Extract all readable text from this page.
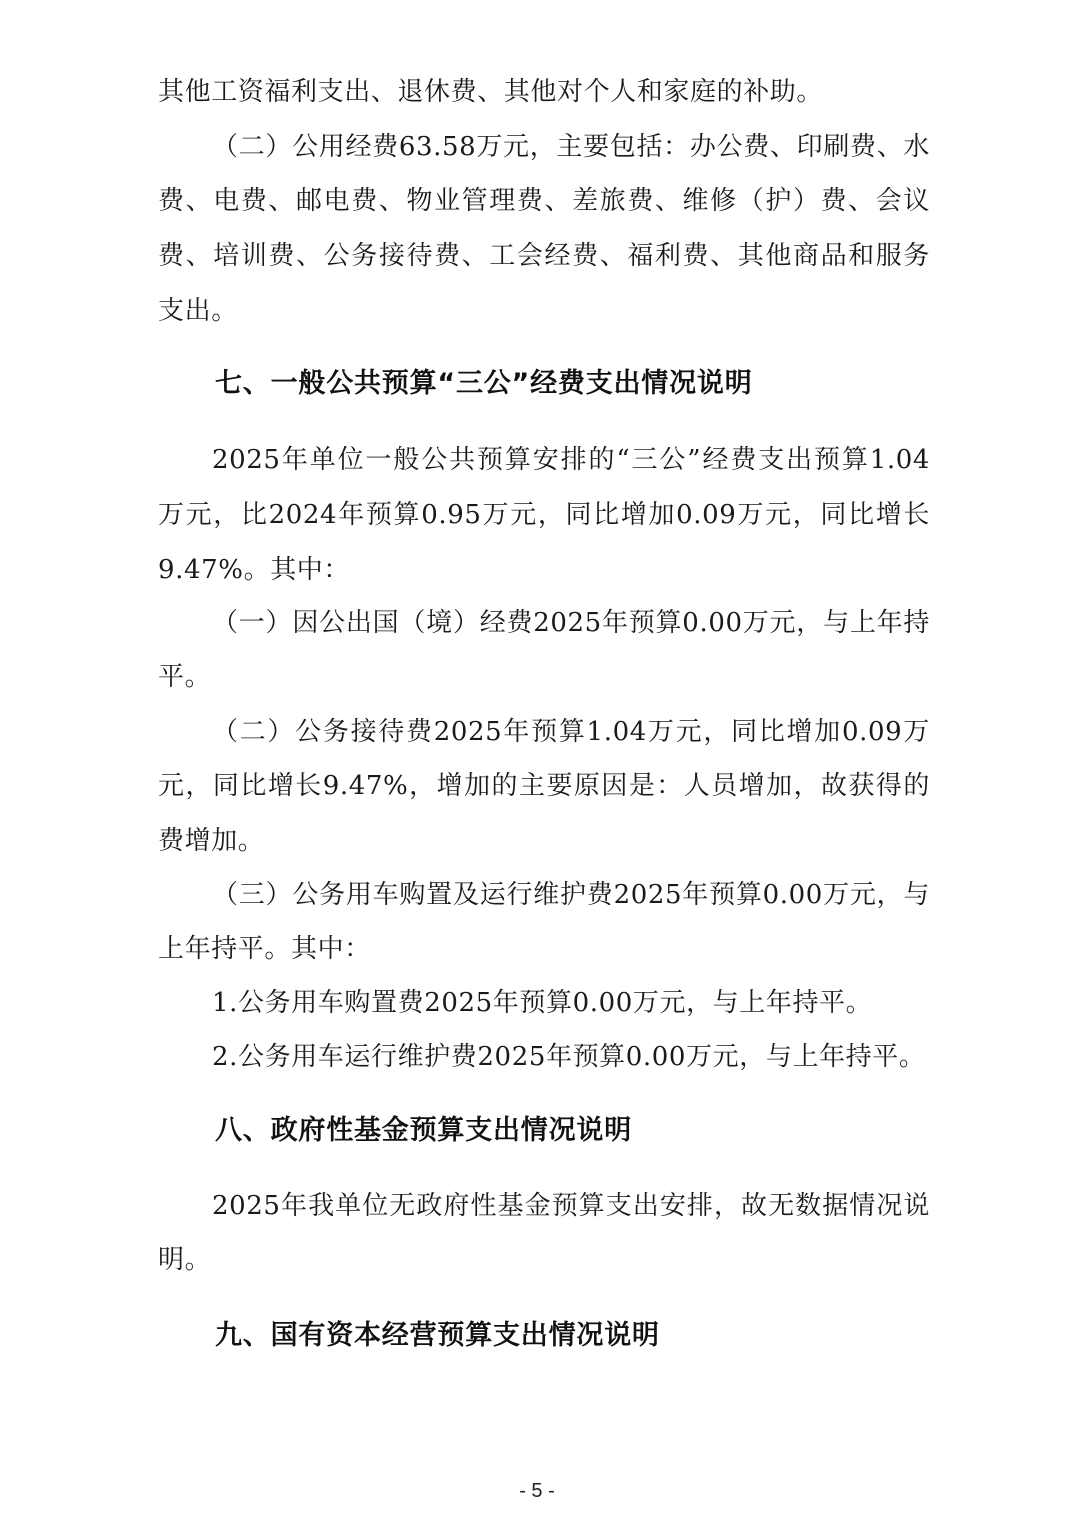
其他工资福利支出、退休费、其他对个人和家庭的补助。
（二）公用经费63.58万元，主要包括：办公费、印刷费、水
费、电费、邮电费、物业管理费、差旅费、维修（护）费、会议
费、培训费、公务接待费、工会经费、福利费、其他商品和服务
支出。
七、一般公共预算“三公”经费支出情况说明
2025年单位一般公共预算安排的“三公”经费支出预算1.04
万元，比2024年预算0.95万元，同比增加0.09万元，同比增长
9.47%。其中：
（一）因公出国（境）经费2025年预算0.00万元，与上年持
平。
（二）公务接待费2025年预算1.04万元，同比增加0.09万
元，同比增长9.47%，增加的主要原因是：人员增加，故获得的
费增加。
（三）公务用车购置及运行维护费2025年预算0.00万元，与
上年持平。其中：
1.公务用车购置费2025年预算0.00万元，与上年持平。
2.公务用车运行维护费2025年预算0.00万元，与上年持平。
八、政府性基金预算支出情况说明
2025年我单位无政府性基金预算支出安排，故无数据情况说
明。
九、国有资本经营预算支出情况说明
- 5 -
